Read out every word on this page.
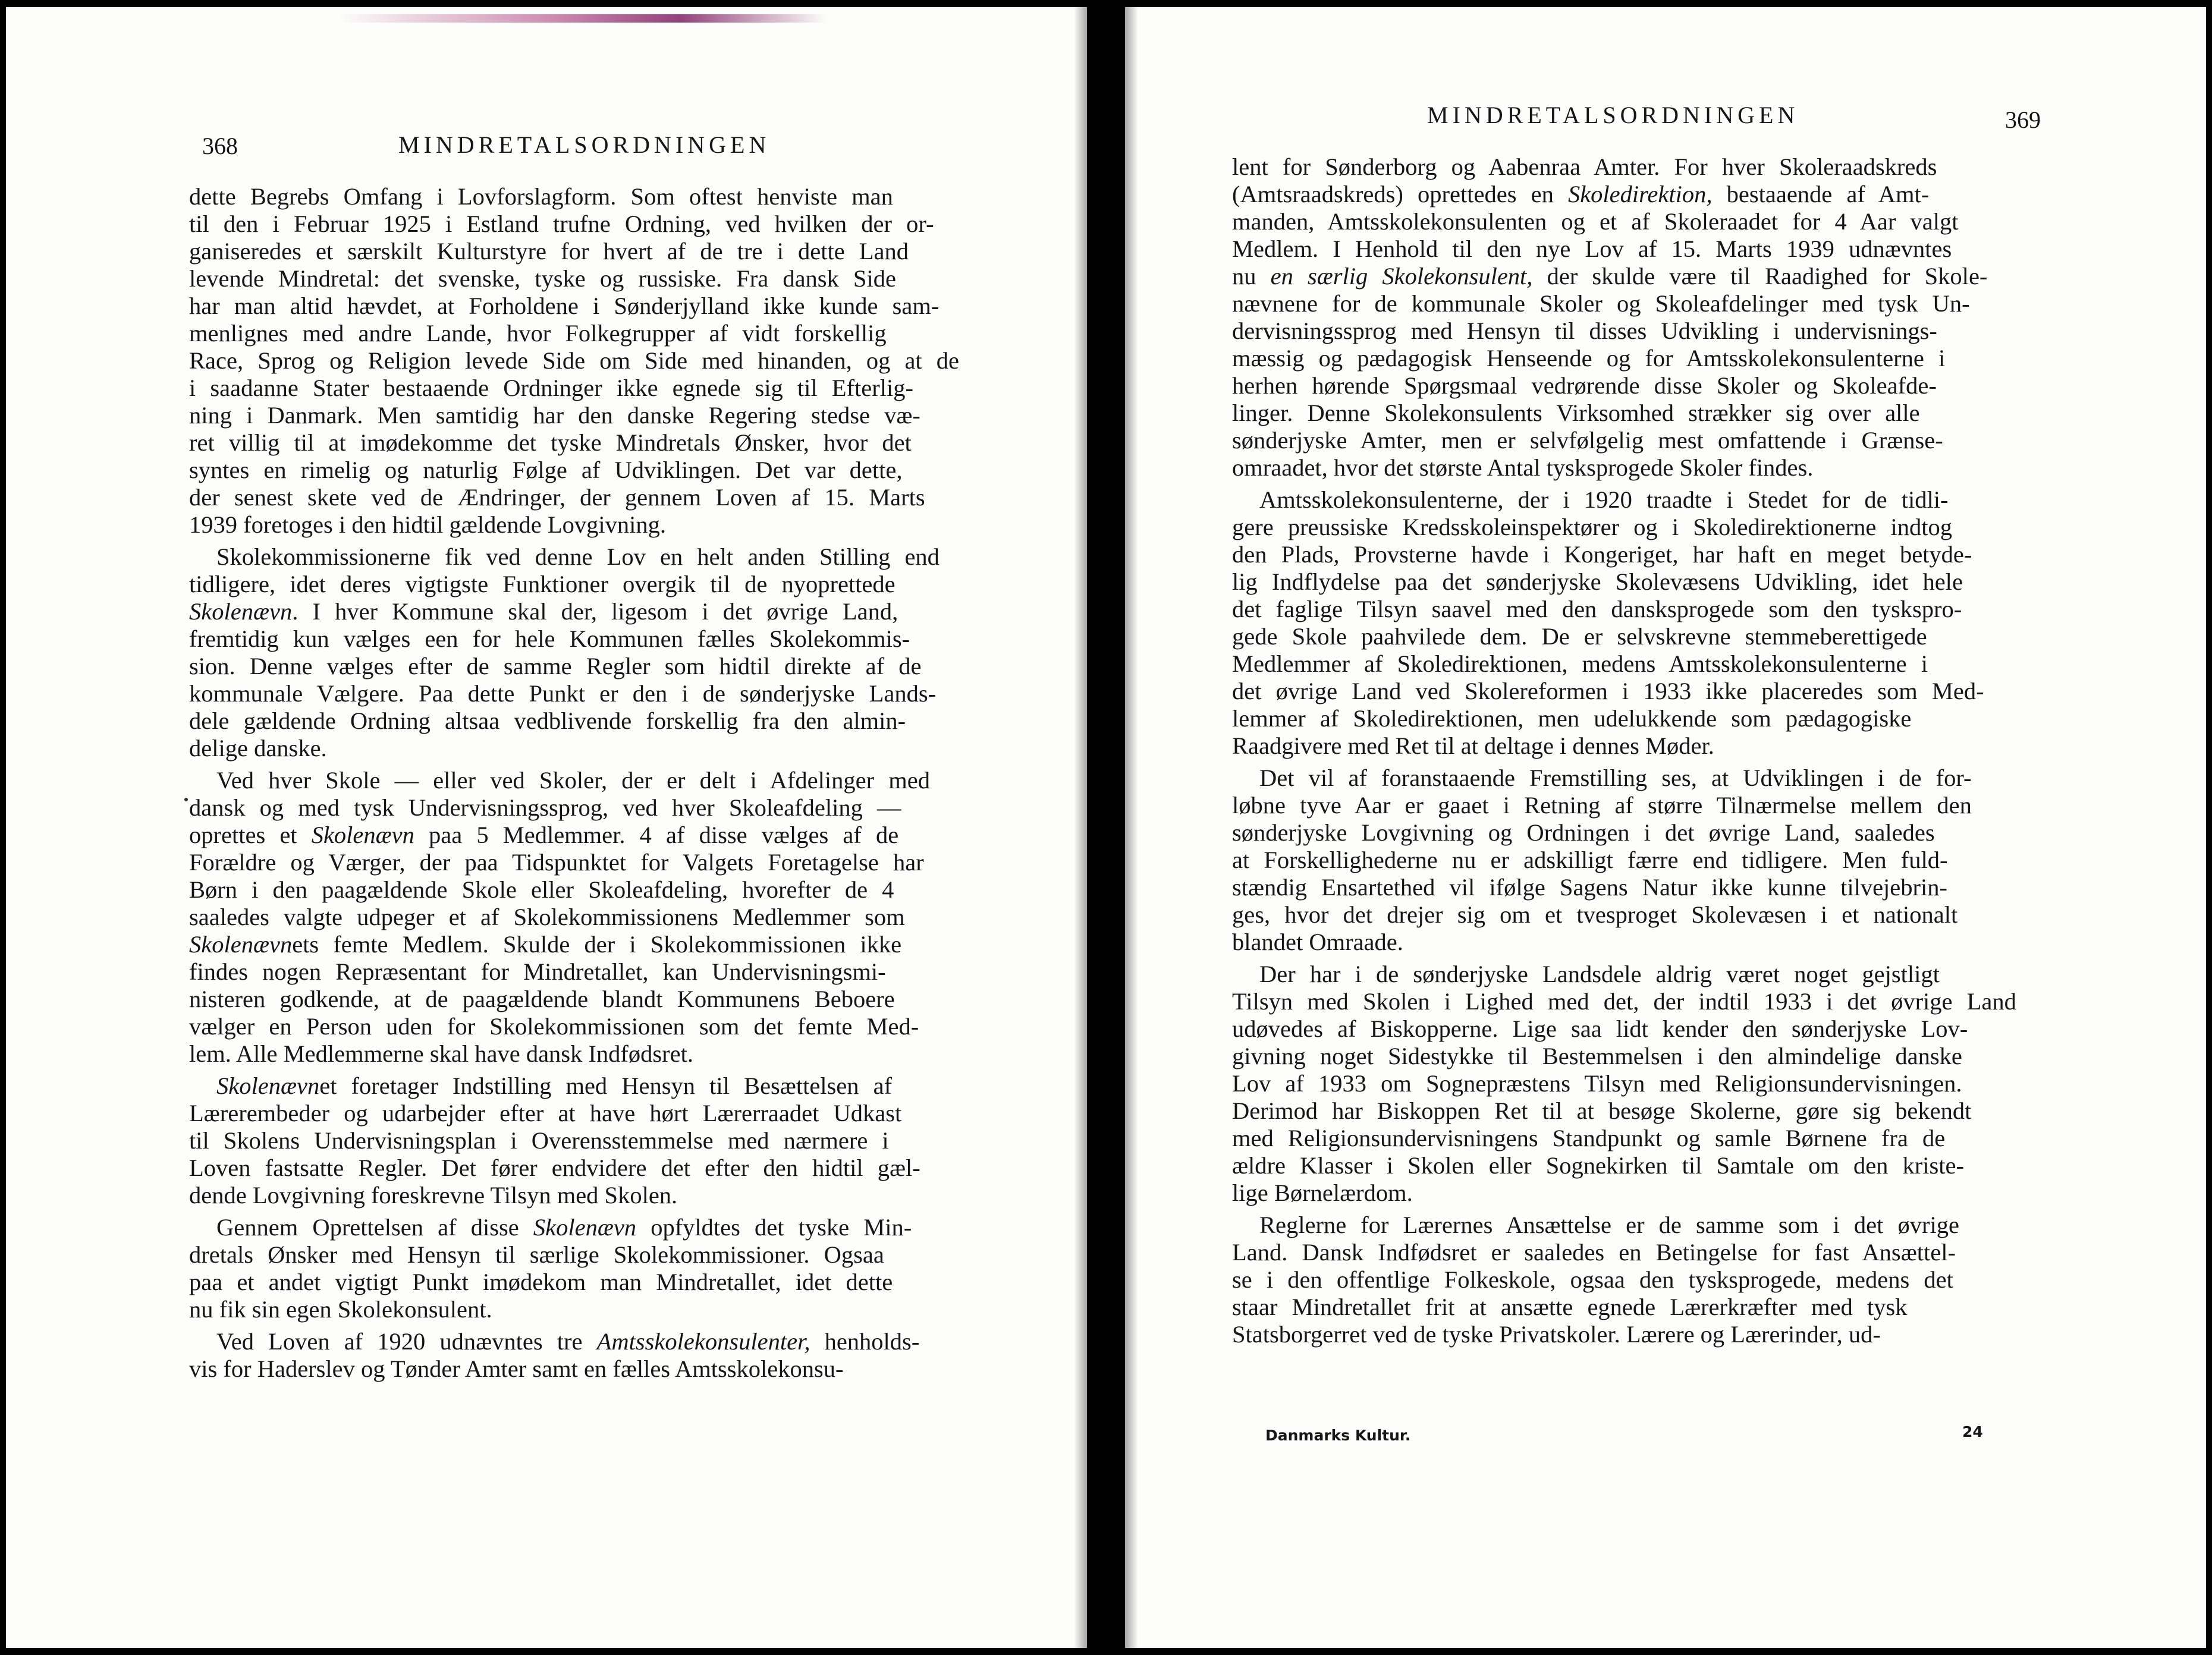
368	MINDRETALSORDNINGEN
dette Begrebs Omfang i Lovforslagform. Som oftest henviste man
til den i Februar 1925 i Estland trufne Ordning, ved hvilken der or-
ganiseredes et særskilt Kulturstyre for hvert af de tre i dette Land
levende Mindretal: det svenske, tyske og russiske. Fra dansk Side
har man altid hævdet, at Forholdene i Sønderjylland ikke kunde sam-
menlignes med andre Lande, hvor Folkegrupper af vidt forskellig
Race, Sprog og Religion levede Side om Side med hinanden, og at de
i saadanne Stater bestaaende Ordninger ikke egnede sig til Efterlig-
ning i Danmark. Men samtidig har den danske Regering stedse væ-
ret villig til at imødekomme det tyske Mindretals Ønsker, hvor det
syntes en rimelig og naturlig Følge af Udviklingen. Det var dette,
der senest skete ved de Ændringer, der gennem Loven af 15. Marts
1939 foretoges i den hidtil gældende Lovgivning.
Skolekommissionerne fik ved denne Lov en helt anden Stilling end
tidligere, idet deres vigtigste Funktioner overgik til de nyoprettede
Skolenævn. I hver Kommune skal der, ligesom i det øvrige Land,
fremtidig kun vælges een for hele Kommunen fælles Skolekommis-
sion. Denne vælges efter de samme Regler som hidtil direkte af de
kommunale Vælgere. Paa dette Punkt er den i de sønderjyske Lands-
dele gældende Ordning altsaa vedblivende forskellig fra den almin-
delige danske.
Ved hver Skole — eller ved Skoler, der er delt i Afdelinger med
dansk og med tysk Undervisningssprog, ved hver Skoleafdeling —
oprettes et Skolenævn paa 5 Medlemmer. 4 af disse vælges af de
Forældre og Værger, der paa Tidspunktet for Valgets Foretagelse har
Børn i den paagældende Skole eller Skoleafdeling, hvorefter de 4
saaledes valgte udpeger et af Skolekommissionens Medlemmer som
Skolenævnets femte Medlem. Skulde der i Skolekommissionen ikke
findes nogen Repræsentant for Mindretallet, kan Undervisningsmi-
nisteren godkende, at de paagældende blandt Kommunens Beboere
vælger en Person uden for Skolekommissionen som det femte Med-
lem. Alle Medlemmerne skal have dansk Indfødsret.
Skolenævnet foretager Indstilling med Hensyn til Besættelsen af
Lærerembeder og udarbejder efter at have hørt Lærerraadet Udkast
til Skolens Undervisningsplan i Overensstemmelse med nærmere i
Loven fastsatte Regler. Det fører endvidere det efter den hidtil gæl-
dende Lovgivning foreskrevne Tilsyn med Skolen.
Gennem Oprettelsen af disse Skolenævn opfyldtes det tyske Min-
dretals Ønsker med Hensyn til særlige Skolekommissioner. Ogsaa
paa et andet vigtigt Punkt imødekom man Mindretallet, idet dette
nu fik sin egen Skolekonsulent.
Ved Loven af 1920 udnævntes tre Amtsskolekonsulenter, henholds-
vis for Haderslev og Tønder Amter samt en fælles Amtsskolekonsu-
MINDRETALSORDNINGEN	369
lent for Sønderborg og Aabenraa Amter. For hver Skoleraadskreds
(Amtsraadskreds) oprettedes en Skoledirektion, bestaaende af Amt-
manden, Amtsskolekonsulenten og et af Skoleraadet for 4 Aar valgt
Medlem. I Henhold til den nye Lov af 15. Marts 1939 udnævntes
nu en særlig Skolekonsulent, der skulde være til Raadighed for Skole-
nævnene for de kommunale Skoler og Skoleafdelinger med tysk Un-
dervisningssprog med Hensyn til disses Udvikling i undervisnings-
mæssig og pædagogisk Henseende og for Amtsskolekonsulenterne i
herhen hørende Spørgsmaal vedrørende disse Skoler og Skoleafde-
linger. Denne Skolekonsulents Virksomhed strækker sig over alle
sønderjyske Amter, men er selvfølgelig mest omfattende i Grænse-
omraadet, hvor det største Antal tysksprogede Skoler findes.
Amtsskolekonsulenterne, der i 1920 traadte i Stedet for de tidli-
gere preussiske Kredsskoleinspektører og i Skoledirektionerne indtog
den Plads, Provsterne havde i Kongeriget, har haft en meget betyde-
lig Indflydelse paa det sønderjyske Skolevæsens Udvikling, idet hele
det faglige Tilsyn saavel med den dansksprogede som den tyskspro-
gede Skole paahvilede dem. De er selvskrevne stemmeberettigede
Medlemmer af Skoledirektionen, medens Amtsskolekonsulenterne i
det øvrige Land ved Skolereformen i 1933 ikke placeredes som Med-
lemmer af Skoledirektionen, men udelukkende som pædagogiske
Raadgivere med Ret til at deltage i dennes Møder.
Det vil af foranstaaende Fremstilling ses, at Udviklingen i de for-
løbne tyve Aar er gaaet i Retning af større Tilnærmelse mellem den
sønderjyske Lovgivning og Ordningen i det øvrige Land, saaledes
at Forskellighederne nu er adskilligt færre end tidligere. Men fuld-
stændig Ensartethed vil ifølge Sagens Natur ikke kunne tilvejebrin-
ges, hvor det drejer sig om et tvesproget Skolevæsen i et nationalt
blandet Omraade.
Der har i de sønderjyske Landsdele aldrig været noget gejstligt
Tilsyn med Skolen i Lighed med det, der indtil 1933 i det øvrige Land
udøvedes af Biskopperne. Lige saa lidt kender den sønderjyske Lov-
givning noget Sidestykke til Bestemmelsen i den almindelige danske
Lov af 1933 om Sognepræstens Tilsyn med Religionsundervisningen.
Derimod har Biskoppen Ret til at besøge Skolerne, gøre sig bekendt
med Religionsundervisningens Standpunkt og samle Børnene fra de
ældre Klasser i Skolen eller Sognekirken til Samtale om den kriste-
lige Børnelærdom.
Reglerne for Lærernes Ansættelse er de samme som i det øvrige
Land. Dansk Indfødsret er saaledes en Betingelse for fast Ansættel-
se i den offentlige Folkeskole, ogsaa den tysksprogede, medens det
staar Mindretallet frit at ansætte egnede Lærerkræfter med tysk
Statsborgerret ved de tyske Privatskoler. Lærere og Lærerinder, ud-
Danmarks Kultur.	24
